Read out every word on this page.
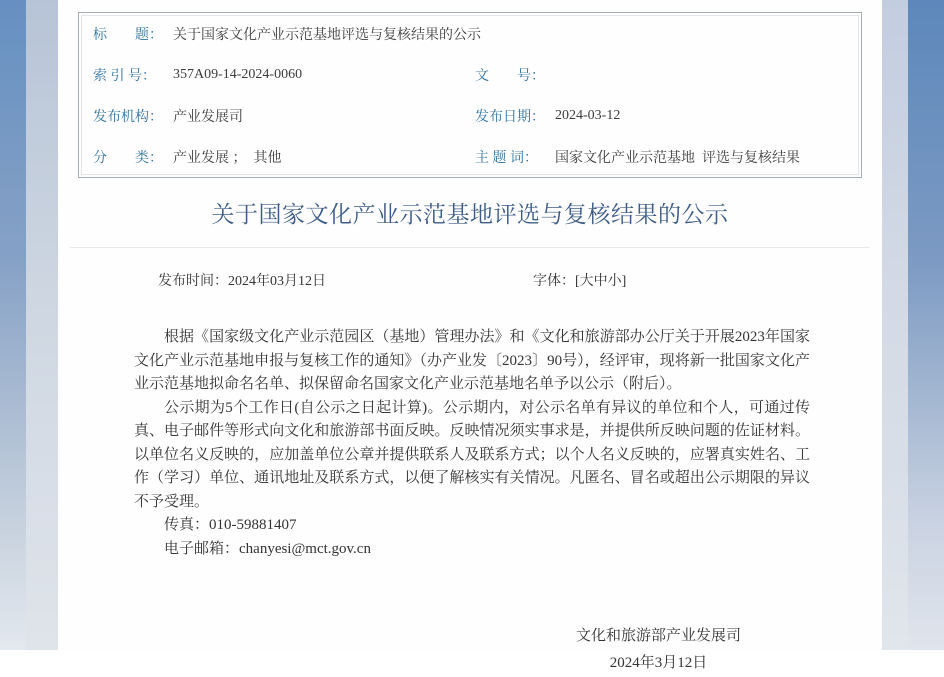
标　　题：	关于国家文化产业示范基地评选与复核结果的公示		
索 引 号：	357A09-14-2024-0060	文　　号：	
发布机构：	产业发展司	发布日期：	2024-03-12
分　　类：	产业发展 ；  其他	主 题 词：	国家文化产业示范基地  评选与复核结果
关于国家文化产业示范基地评选与复核结果的公示
发布时间：2024年03月12日	字体：[大中小]

根据《国家级文化产业示范园区（基地）管理办法》和《文化和旅游部办公厅关于开展2023年国家文化产业示范基地申报与复核工作的通知》（办产业发〔2023〕90号），经评审，现将新一批国家文化产业示范基地拟命名名单、拟保留命名国家文化产业示范基地名单予以公示（附后）。

公示期为5个工作日(自公示之日起计算)。公示期内，对公示名单有异议的单位和个人，可通过传真、电子邮件等形式向文化和旅游部书面反映。反映情况须实事求是，并提供所反映问题的佐证材料。以单位名义反映的，应加盖单位公章并提供联系人及联系方式；以个人名义反映的，应署真实姓名、工作（学习）单位、通讯地址及联系方式，以便了解核实有关情况。凡匿名、冒名或超出公示期限的异议不予受理。

传真：010-59881407

电子邮箱：chanyesi@mct.gov.cn

文化和旅游部产业发展司

2024年3月12日
